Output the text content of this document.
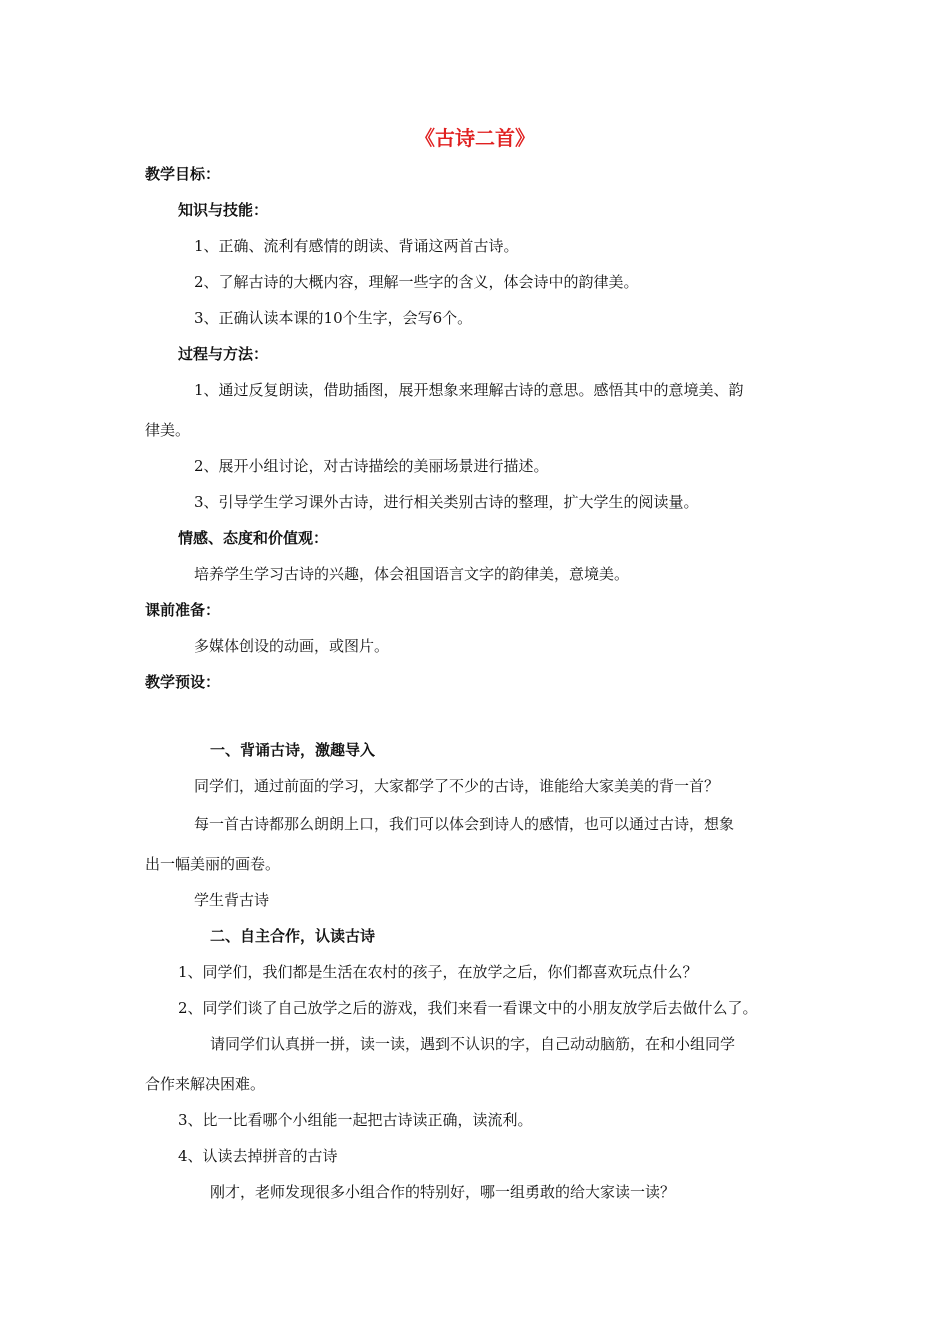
《古诗二首》
教学目标：
知识与技能：
1、正确、流利有感情的朗读、背诵这两首古诗。
2、了解古诗的大概内容，理解一些字的含义，体会诗中的韵律美。
3、正确认读本课的10个生字，会写6个。
过程与方法：
1、通过反复朗读，借助插图，展开想象来理解古诗的意思。感悟其中的意境美、韵
律美。
2、展开小组讨论，对古诗描绘的美丽场景进行描述。
3、引导学生学习课外古诗，进行相关类别古诗的整理，扩大学生的阅读量。
情感、态度和价值观：
培养学生学习古诗的兴趣，体会祖国语言文字的韵律美，意境美。
课前准备：
多媒体创设的动画，或图片。
教学预设：
一、背诵古诗，激趣导入
同学们，通过前面的学习，大家都学了不少的古诗，谁能给大家美美的背一首？
每一首古诗都那么朗朗上口，我们可以体会到诗人的感情，也可以通过古诗，想象
出一幅美丽的画卷。
学生背古诗
二、自主合作，认读古诗
1、同学们，我们都是生活在农村的孩子，在放学之后，你们都喜欢玩点什么？
2、同学们谈了自己放学之后的游戏，我们来看一看课文中的小朋友放学后去做什么了。
请同学们认真拼一拼，读一读，遇到不认识的字，自己动动脑筋，在和小组同学
合作来解决困难。
3、比一比看哪个小组能一起把古诗读正确，读流利。
4、认读去掉拼音的古诗
刚才，老师发现很多小组合作的特别好，哪一组勇敢的给大家读一读？
